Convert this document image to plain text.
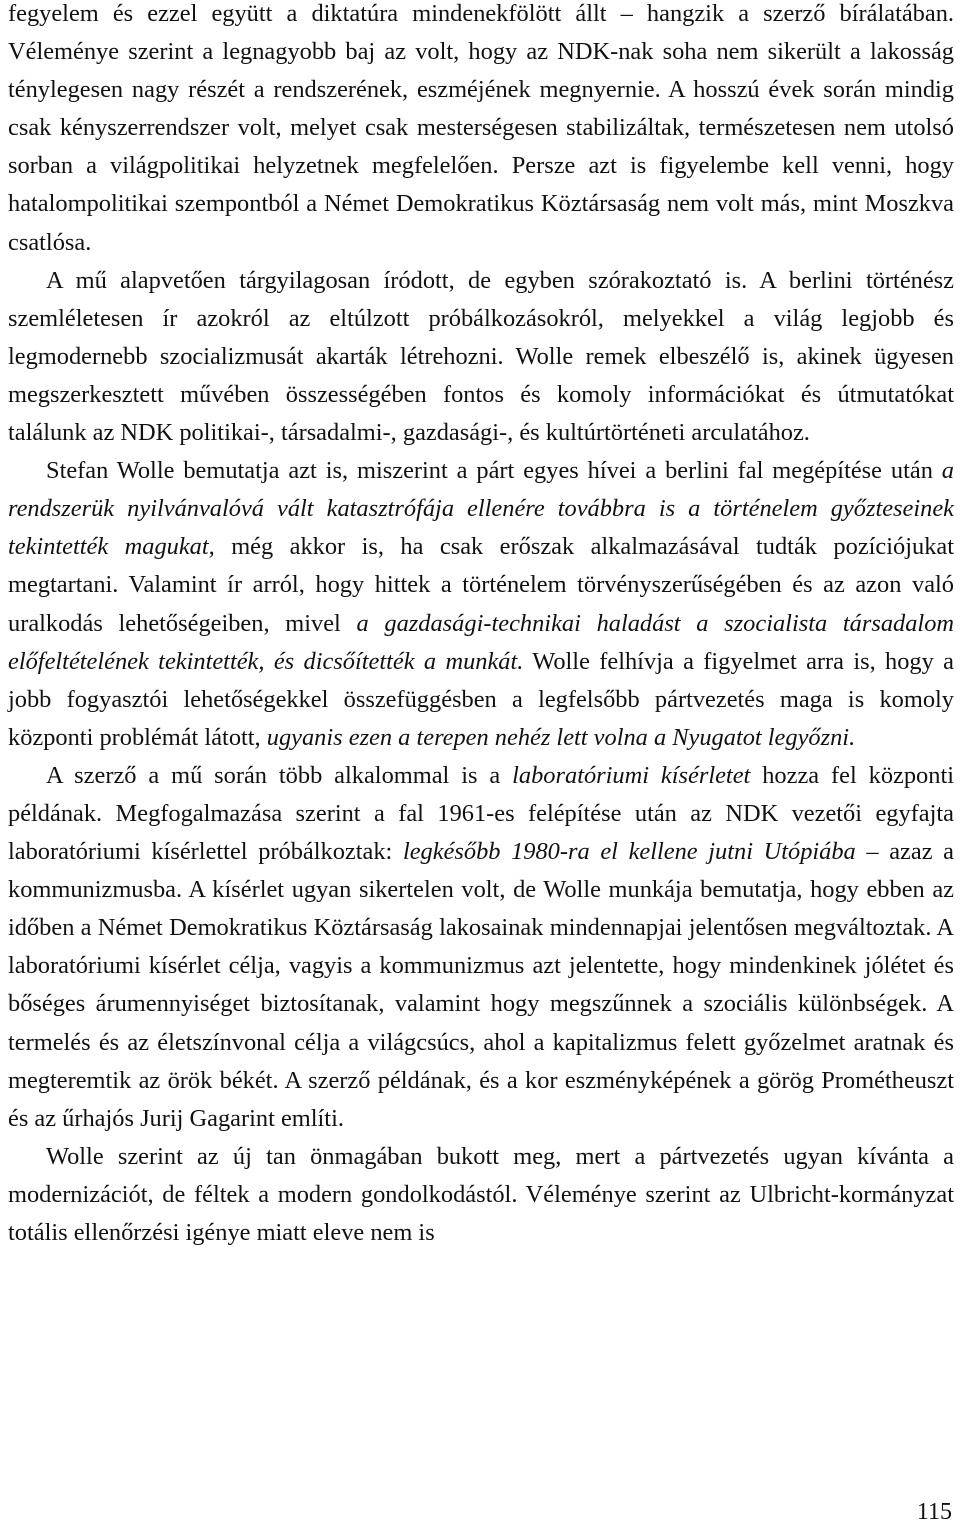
fegyelem és ezzel együtt a diktatúra mindenekfölött állt – hangzik a szerző bírálatában. Véleménye szerint a legnagyobb baj az volt, hogy az NDK-nak soha nem sikerült a lakosság ténylegesen nagy részét a rendszerének, eszméjének megnyernie. A hosszú évek során mindig csak kényszerrendszer volt, melyet csak mesterségesen stabilizáltak, természetesen nem utolsó sorban a világpolitikai helyzetnek megfelelően. Persze azt is figyelembe kell venni, hogy hatalompolitikai szempontból a Német Demokratikus Köztársaság nem volt más, mint Moszkva csatlósa.

A mű alapvetően tárgyilagosan íródott, de egyben szórakoztató is. A berlini történész szemléletesen ír azokról az eltúlzott próbálkozásokról, melyekkel a világ legjobb és legmodernebb szocializmusát akarták létrehozni. Wolle remek elbeszélő is, akinek ügyesen megszerkesztett művében összességében fontos és komoly információkat és útmutatókat találunk az NDK politikai-, társadalmi-, gazdasági-, és kultúrtörténeti arculatához.

Stefan Wolle bemutatja azt is, miszerint a párt egyes hívei a berlini fal megépítése után a rendszerük nyilvánvalóvá vált katasztrófája ellenére továbbra is a történelem győzteseinek tekintették magukat, még akkor is, ha csak erőszak alkalmazásával tudták pozíciójukat megtartani. Valamint ír arról, hogy hittek a történelem törvényszerűségében és az azon való uralkodás lehetőségeiben, mivel a gazdasági-technikai haladást a szocialista társadalom előfeltételének tekintették, és dicsőítették a munkát. Wolle felhívja a figyelmet arra is, hogy a jobb fogyasztói lehetőségekkel összefüggésben a legfelsőbb pártvezetés maga is komoly központi problémát látott, ugyanis ezen a terepen nehéz lett volna a Nyugatot legyőzni.

A szerző a mű során több alkalommal is a laboratóriumi kísérletet hozza fel központi példának. Megfogalmazása szerint a fal 1961-es felépítése után az NDK vezetői egyfajta laboratóriumi kísérlettel próbálkoztak: legkésőbb 1980-ra el kellene jutni Utópiába – azaz a kommunizmusba. A kísérlet ugyan sikertelen volt, de Wolle munkája bemutatja, hogy ebben az időben a Német Demokratikus Köztársaság lakosainak mindennapjai jelentősen megváltoztak. A laboratóriumi kísérlet célja, vagyis a kommunizmus azt jelentette, hogy mindenkinek jólétet és bőséges árumennyiséget biztosítanak, valamint hogy megszűnnek a szociális különbségek. A termelés és az életszínvonal célja a világcsúcs, ahol a kapitalizmus felett győzelmet aratnak és megteremtik az örök békét. A szerző példának, és a kor eszményképének a görög Prométheuszt és az űrhajós Jurij Gagarint említi.

Wolle szerint az új tan önmagában bukott meg, mert a pártvezetés ugyan kívánta a modernizációt, de féltek a modern gondolkodástól. Véleménye szerint az Ulbricht-kormányzat totális ellenőrzési igénye miatt eleve nem is

115
